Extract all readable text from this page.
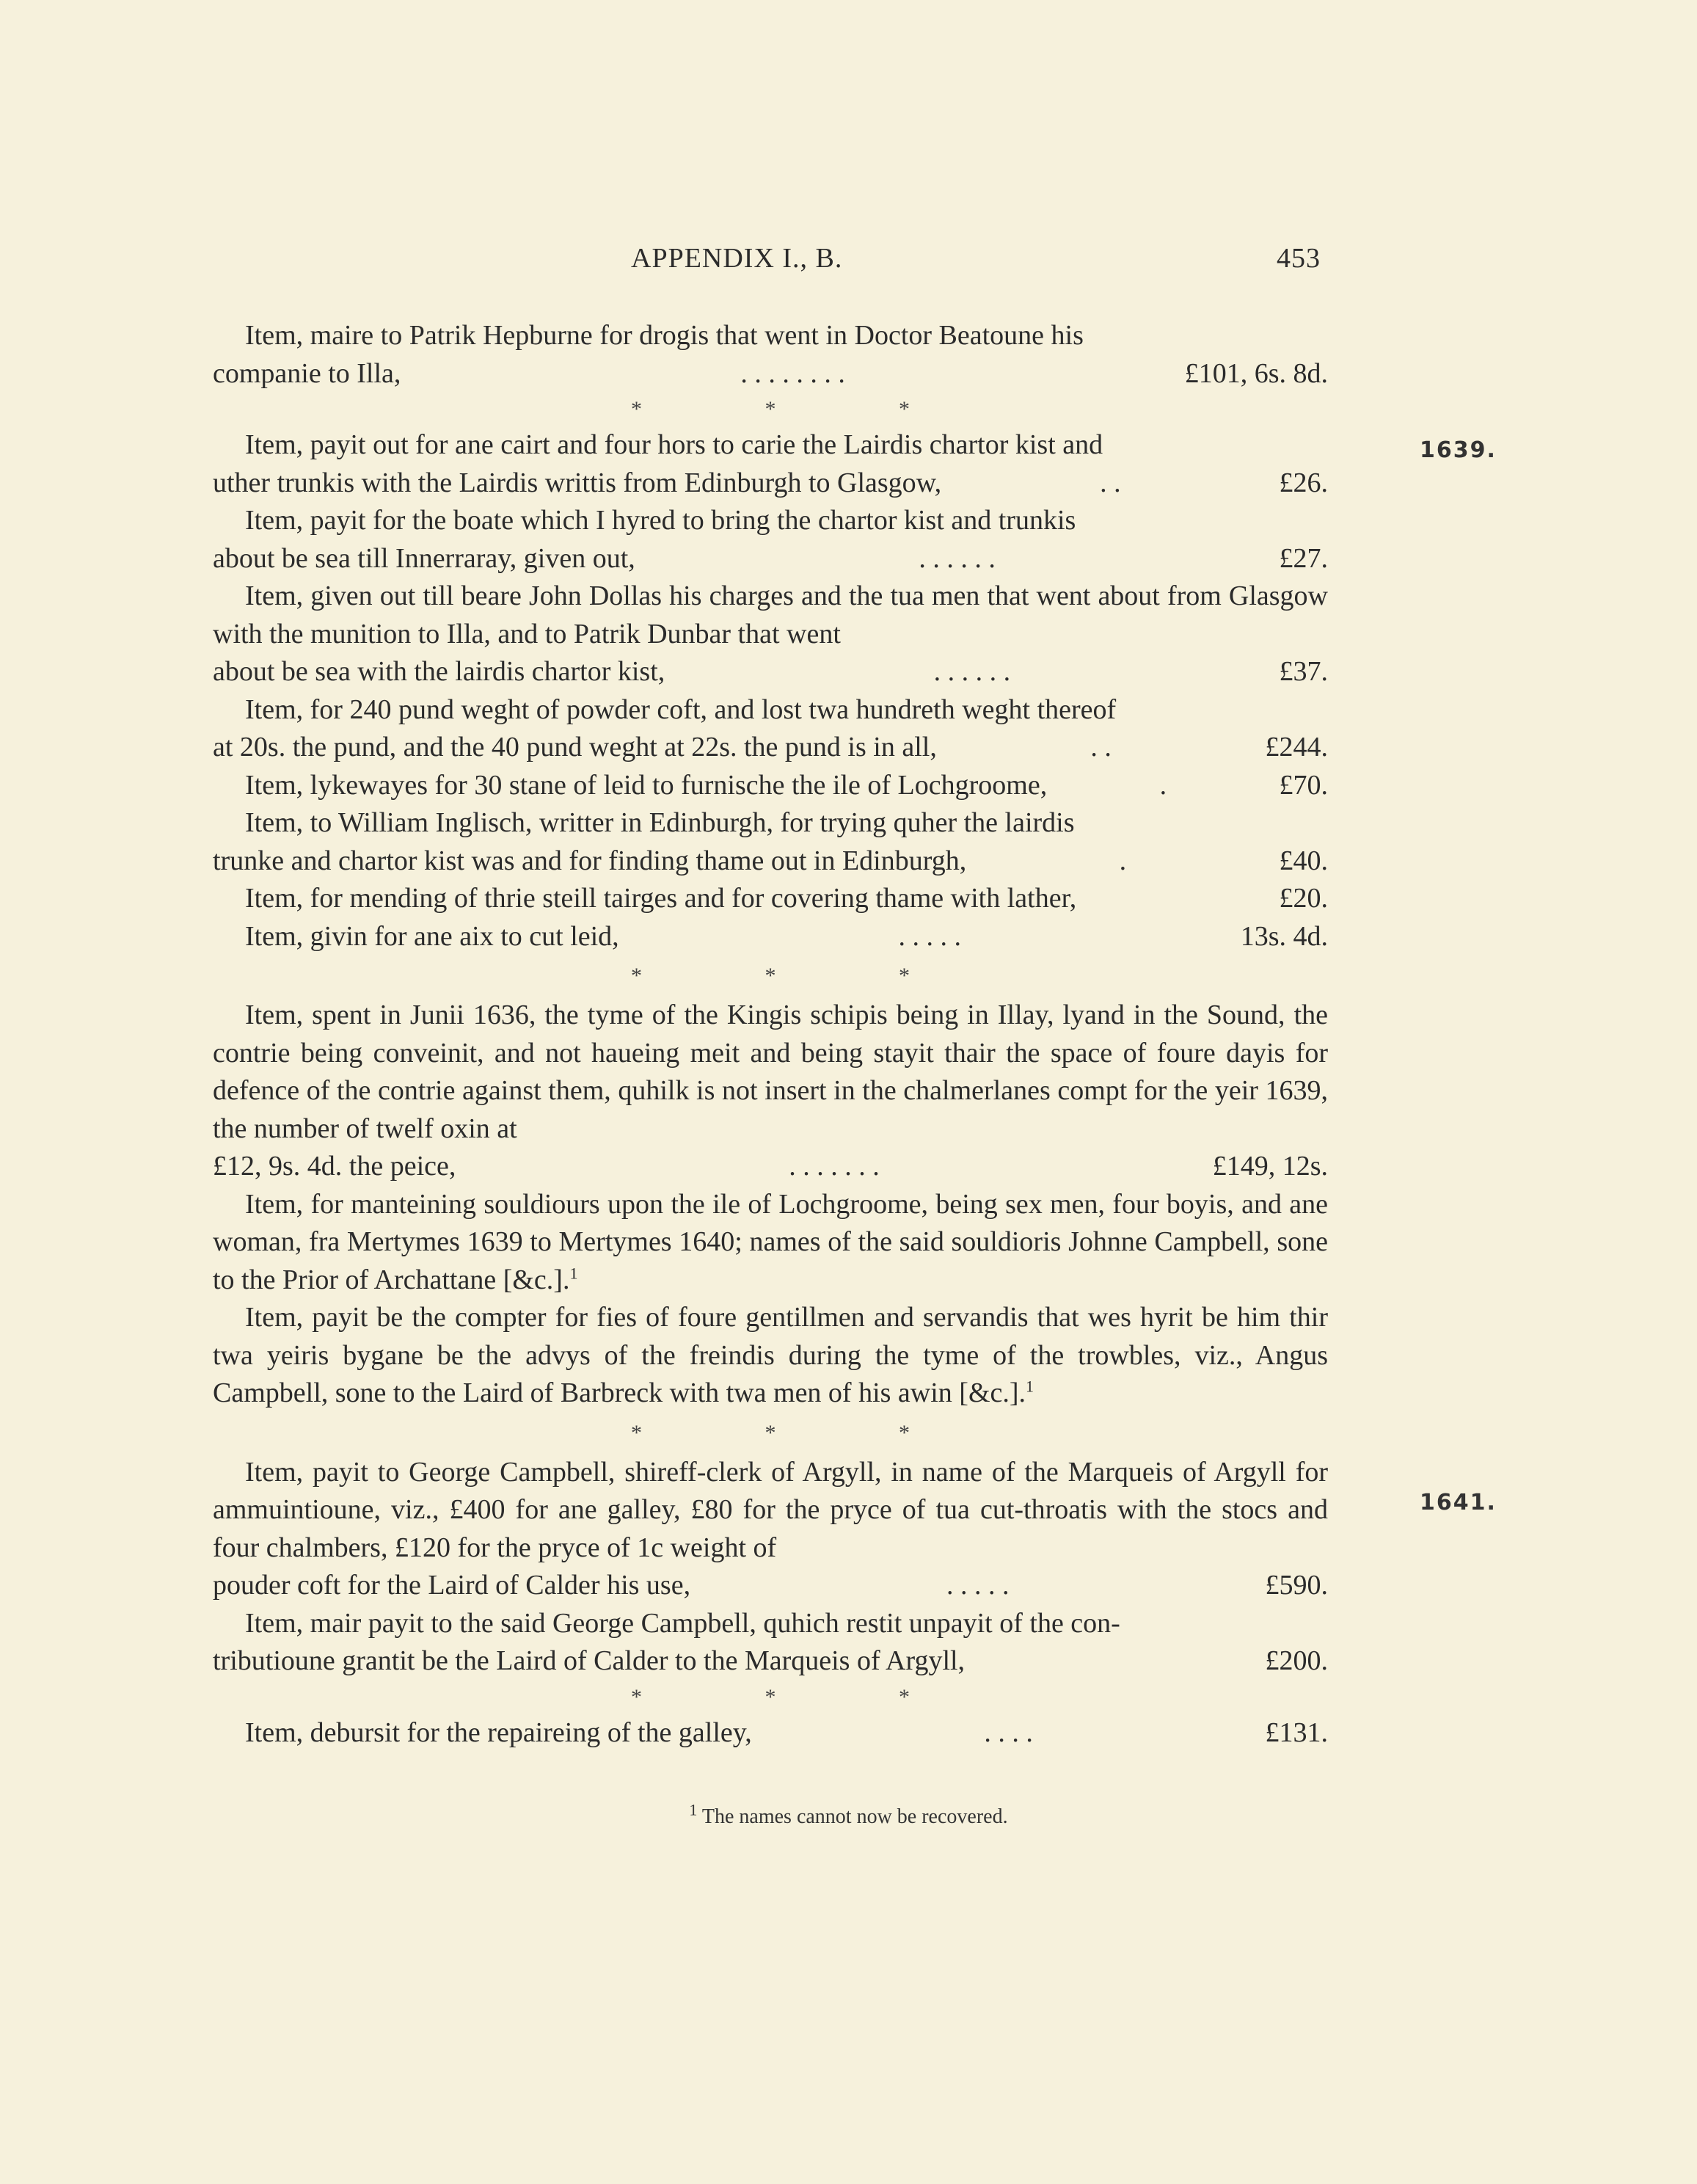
APPENDIX I., B.	453
1639.
1641.

Item, maire to Patrik Hepburne for drogis that went in Doctor Beatoune his

companie to Illa,	. . . . . . . .	£101, 6s. 8d.
* * *

Item, payit out for ane cairt and four hors to carie the Lairdis chartor kist and

uther trunkis with the Lairdis writtis from Edinburgh to Glasgow,	. .	£26.

Item, payit for the boate which I hyred to bring the chartor kist and trunkis

about be sea till Innerraray, given out,	. . . . . .	£27.

Item, given out till beare John Dollas his charges and the tua men that went about from Glasgow with the munition to Illa, and to Patrik Dunbar that went

about be sea with the lairdis chartor kist,	. . . . . .	£37.

Item, for 240 pund weght of powder coft, and lost twa hundreth weght thereof

at 20s. the pund, and the 40 pund weght at 22s. the pund is in all,	. .	£244.
Item, lykewayes for 30 stane of leid to furnische the ile of Lochgroome,	.	£70.

Item, to William Inglisch, writter in Edinburgh, for trying quher the lairdis

trunke and chartor kist was and for finding thame out in Edinburgh,	.	£40.
Item, for mending of thrie steill tairges and for covering thame with lather,	£20.
Item, givin for ane aix to cut leid,	. . . . .	13s. 4d.
* * *

Item, spent in Junii 1636, the tyme of the Kingis schipis being in Illay, lyand in the Sound, the contrie being conveinit, and not haueing meit and being stayit thair the space of foure dayis for defence of the contrie against them, quhilk is not insert in the chalmerlanes compt for the yeir 1639, the number of twelf oxin at

£12, 9s. 4d. the peice,	. . . . . . .	£149, 12s.

Item, for manteining souldiours upon the ile of Lochgroome, being sex men, four boyis, and ane woman, fra Mertymes 1639 to Mertymes 1640; names of the said souldioris Johnne Campbell, sone to the Prior of Archattane [&c.].$^1$

Item, payit be the compter for fies of foure gentillmen and servandis that wes hyrit be him thir twa yeiris bygane be the advys of the freindis during the tyme of the trowbles, viz., Angus Campbell, sone to the Laird of Barbreck with twa men of his awin [&c.].$^1$

* * *

Item, payit to George Campbell, shireff-clerk of Argyll, in name of the Marqueis of Argyll for ammuintioune, viz., £400 for ane galley, £80 for the pryce of tua cut-throatis with the stocs and four chalmbers, £120 for the pryce of 1c weight of

pouder coft for the Laird of Calder his use,	. . . . .	£590.

Item, mair payit to the said George Campbell, quhich restit unpayit of the con-

tributioune grantit be the Laird of Calder to the Marqueis of Argyll,	£200.
* * *
Item, debursit for the repaireing of the galley,	. . . .	£131.
$^1$ The names cannot now be recovered.
